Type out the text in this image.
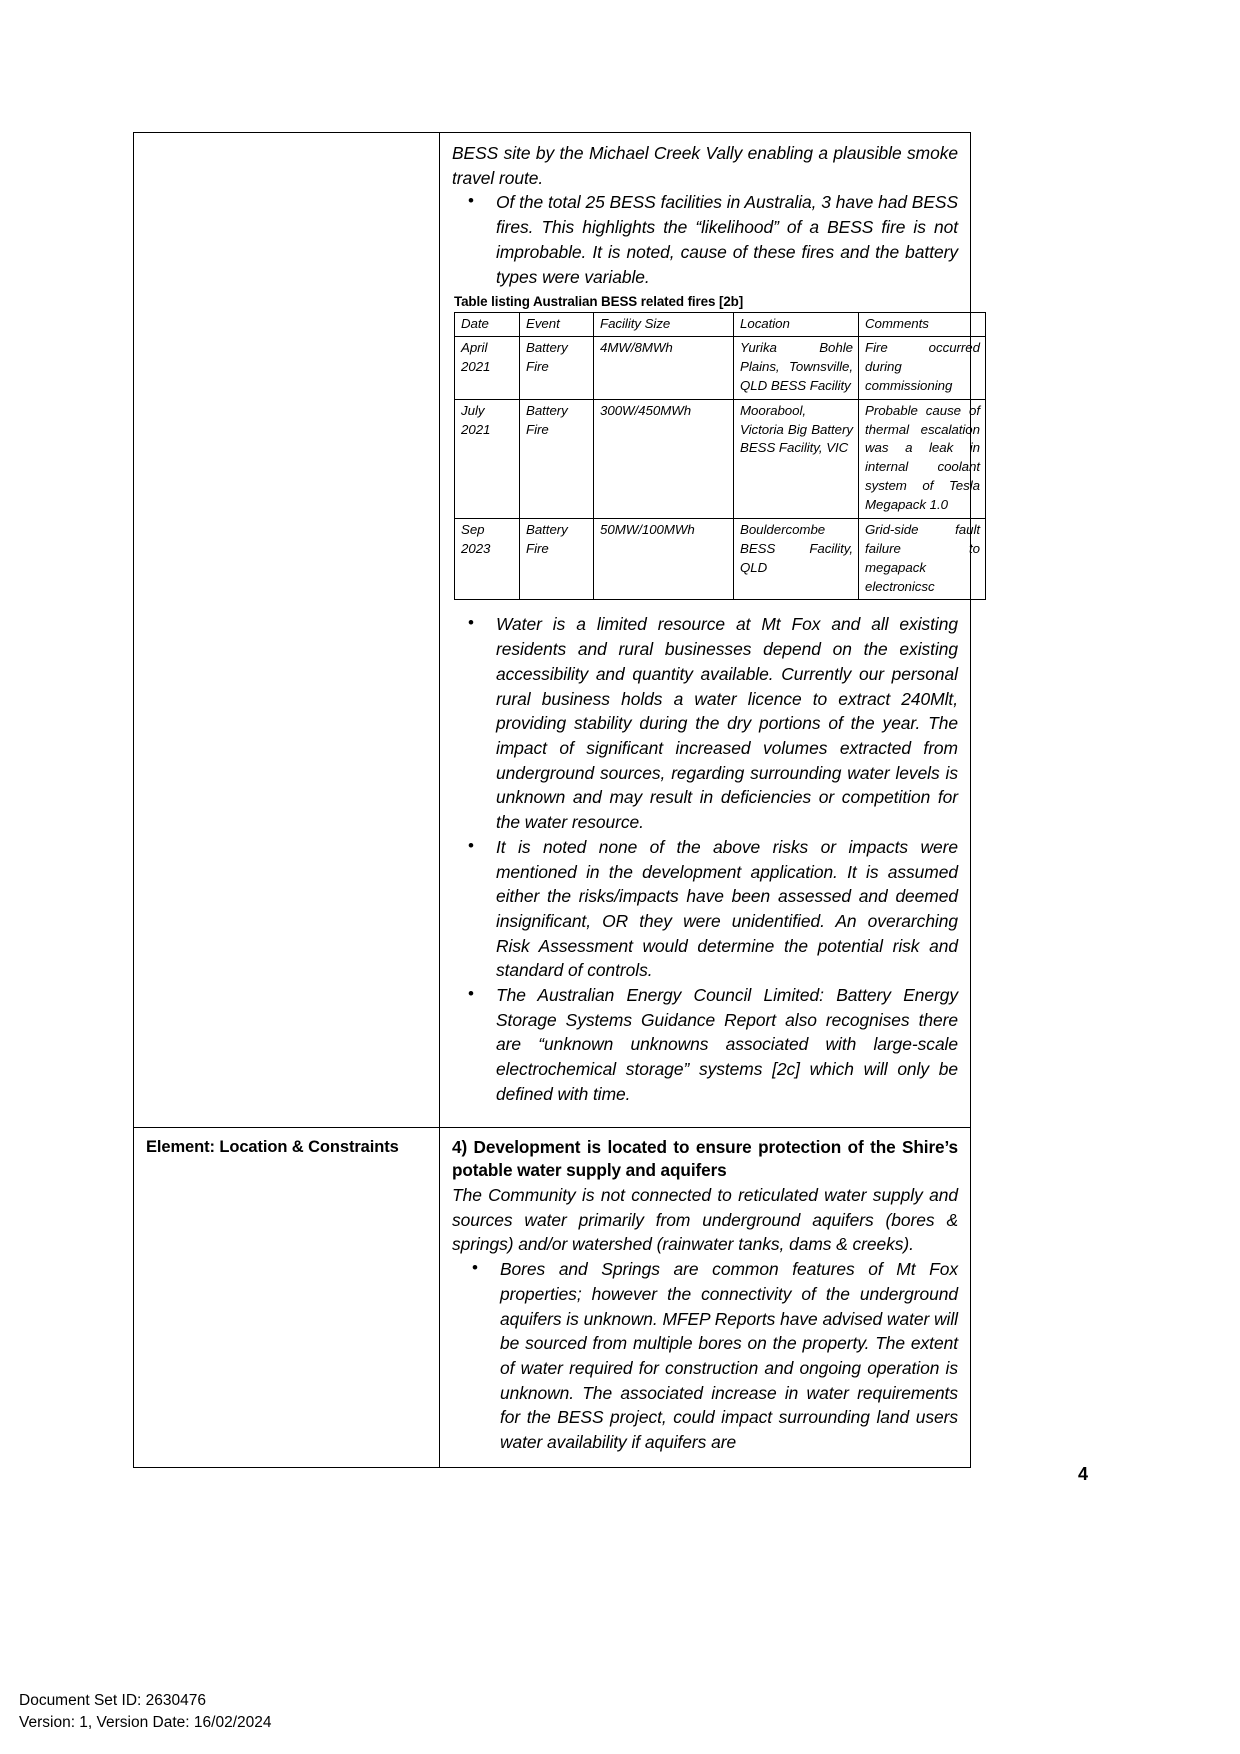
BESS site by the Michael Creek Vally enabling a plausible smoke travel route.

• Of the total 25 BESS facilities in Australia, 3 have had BESS fires. This highlights the “likelihood” of a BESS fire is not improbable. It is noted, cause of these fires and the battery types were variable.
Table listing Australian BESS related fires [2b]
Date	Event	Facility Size	Location	Comments
April 2021	Battery Fire	4MW/8MWh	Yurika Bohle Plains, Townsville, QLD BESS Facility	Fire occurred during commissioning
July 2021	Battery Fire	300W/450MWh	Moorabool, Victoria Big Battery BESS Facility, VIC	Probable cause of thermal escalation was a leak in internal coolant system of Tesla Megapack 1.0
Sep 2023	Battery Fire	50MW/100MWh	Bouldercombe BESS Facility, QLD	Grid-side fault failure to megapack electronicsc
• Water is a limited resource at Mt Fox and all existing residents and rural businesses depend on the existing accessibility and quantity available. Currently our personal rural business holds a water licence to extract 240Mlt, providing stability during the dry portions of the year. The impact of significant increased volumes extracted from underground sources, regarding surrounding water levels is unknown and may result in deficiencies or competition for the water resource.
• It is noted none of the above risks or impacts were mentioned in the development application. It is assumed either the risks/impacts have been assessed and deemed insignificant, OR they were unidentified. An overarching Risk Assessment would determine the potential risk and standard of controls.
• The Australian Energy Council Limited: Battery Energy Storage Systems Guidance Report also recognises there are “unknown unknowns associated with large-scale electrochemical storage” systems [2c] which will only be defined with time.

Element: Location & Constraints	4) Development is located to ensure protection of the Shire’s potable water supply and aquifers

The Community is not connected to reticulated water supply and sources water primarily from underground aquifers (bores & springs) and/or watershed (rainwater tanks, dams & creeks).

• Bores and Springs are common features of Mt Fox properties; however the connectivity of the underground aquifers is unknown. MFEP Reports have advised water will be sourced from multiple bores on the property. The extent of water required for construction and ongoing operation is unknown. The associated increase in water requirements for the BESS project, could impact surrounding land users water availability if aquifers are
4
Document Set ID: 2630476
Version: 1, Version Date: 16/02/2024
